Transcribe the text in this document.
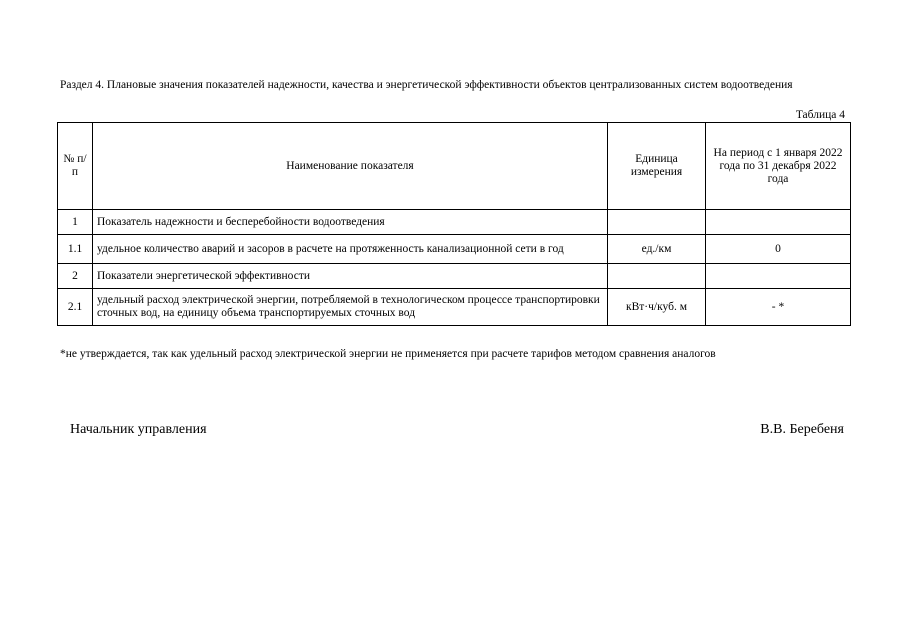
Раздел 4. Плановые значения показателей надежности, качества и энергетической эффективности объектов централизованных систем водоотведения
Таблица 4
№ п/п	Наименование показателя	Единица измерения	На период с 1 января 2022 года по 31 декабря 2022 года
1	Показатель надежности и бесперебойности водоотведения		
1.1	удельное количество аварий и засоров в расчете на протяженность канализационной сети в год	ед./км	0
2	Показатели энергетической эффективности		
2.1	удельный расход электрической энергии, потребляемой в технологическом процессе транспортировки сточных вод, на единицу объема транспортируемых сточных вод	кВт·ч/куб. м	- *
*не утверждается, так как удельный расход электрической энергии не применяется при расчете тарифов методом сравнения аналогов
Начальник управления	В.В. Беребеня
